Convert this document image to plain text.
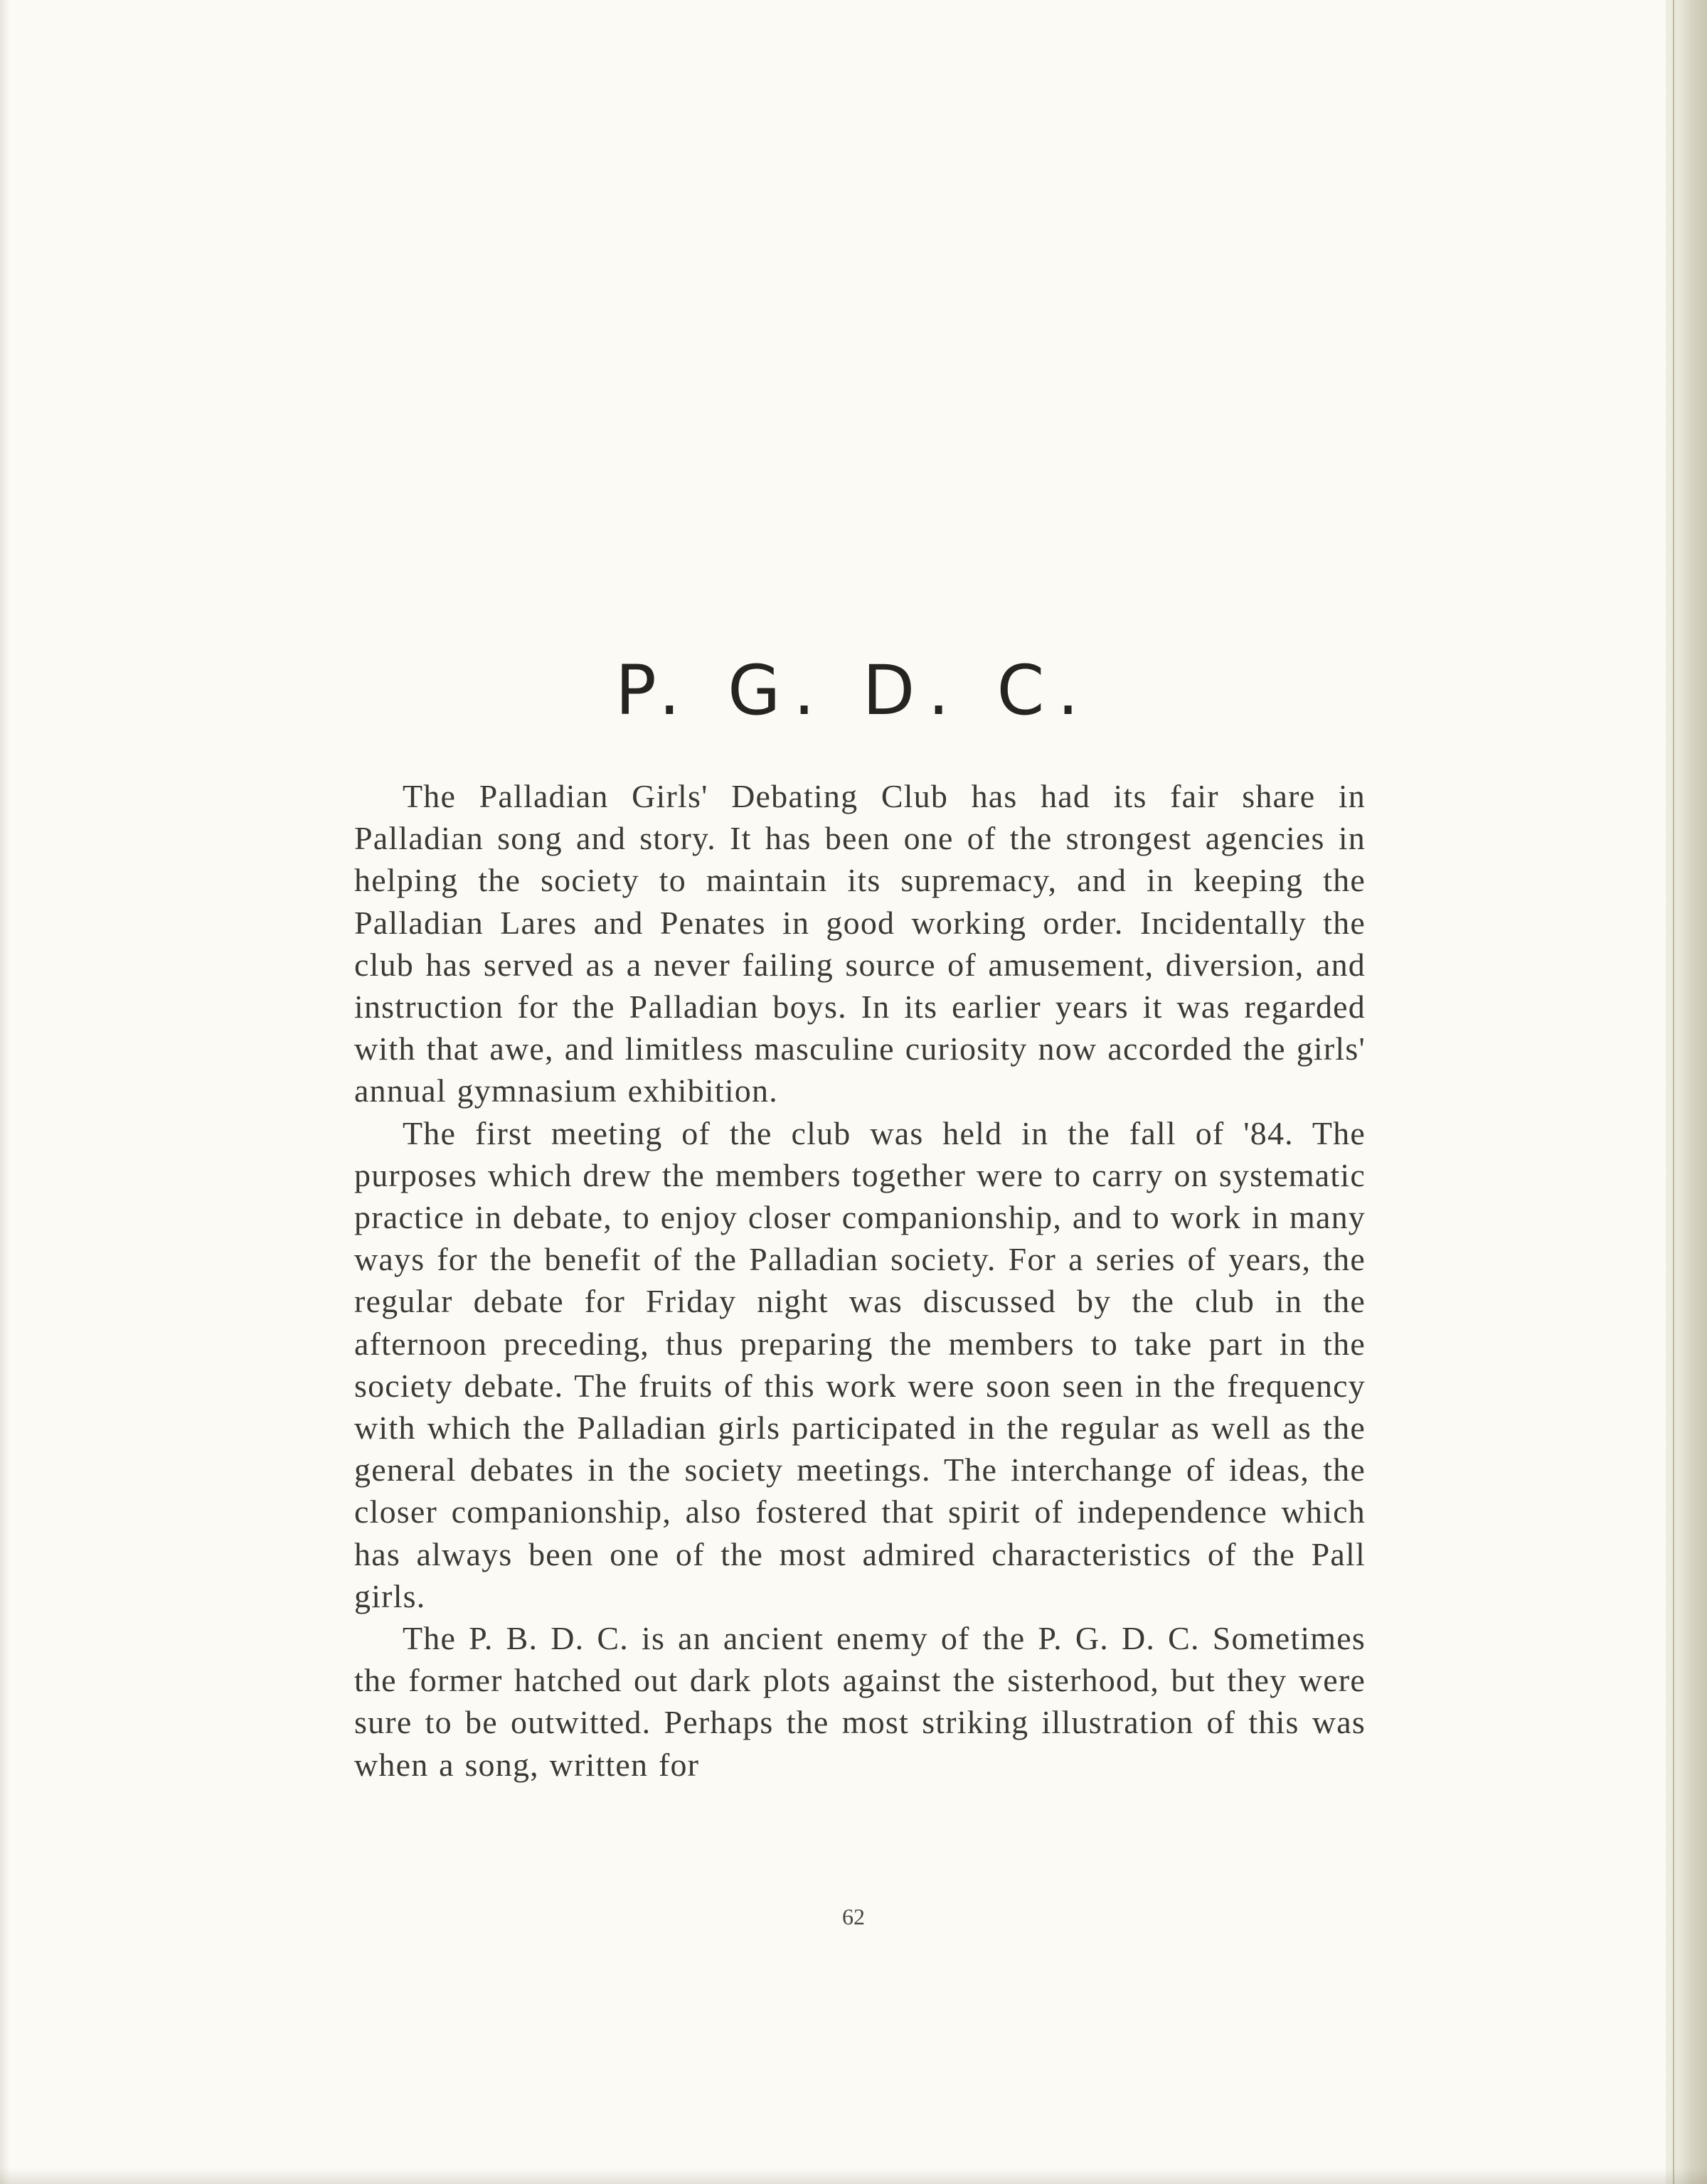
P. G. D. C.

The Palladian Girls' Debating Club has had its fair share in Palladian song and story. It has been one of the strongest agencies in helping the society to maintain its supremacy, and in keeping the Palladian Lares and Penates in good working order. Incidentally the club has served as a never failing source of amusement, diversion, and instruction for the Palladian boys. In its earlier years it was regarded with that awe, and limitless masculine curiosity now accorded the girls' annual gymnasium exhibition.

The first meeting of the club was held in the fall of '84. The purposes which drew the members together were to carry on systematic practice in debate, to enjoy closer companionship, and to work in many ways for the benefit of the Palladian society. For a series of years, the regular debate for Friday night was discussed by the club in the afternoon preceding, thus preparing the members to take part in the society debate. The fruits of this work were soon seen in the frequency with which the Palladian girls participated in the regular as well as the general debates in the society meetings. The interchange of ideas, the closer companionship, also fostered that spirit of independence which has always been one of the most admired characteristics of the Pall girls.

The P. B. D. C. is an ancient enemy of the P. G. D. C. Sometimes the former hatched out dark plots against the sisterhood, but they were sure to be outwitted. Perhaps the most striking illustration of this was when a song, written for

62
